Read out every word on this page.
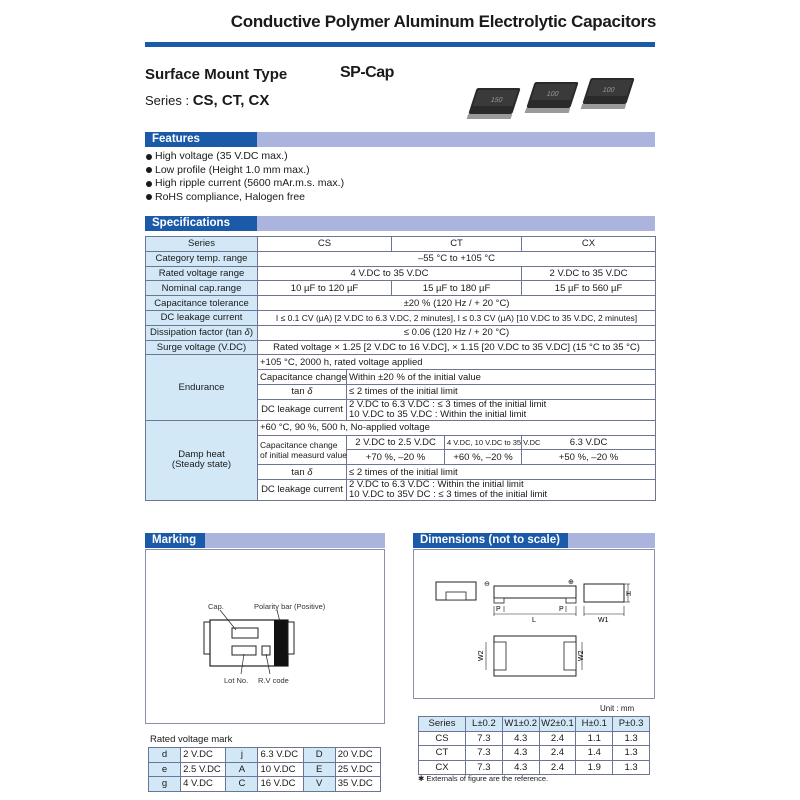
Conductive Polymer Aluminum Electrolytic Capacitors
Surface Mount Type	SP-Cap
Series : CS, CT, CX	150
100
100
Features
High voltage (35 V.DC max.)
Low profile (Height 1.0 mm max.)
High ripple current (5600 mAr.m.s. max.)
RoHS compliance, Halogen free
Specifications
Series	CS		CT		CX
Category temp. range	–55 °C to +105 °C				
Rated voltage range	4 V.DC to 35 V.DC				2 V.DC to 35 V.DC
Nominal cap.range	10 µF to 120 µF		15 µF to 180 µF		15 µF to 560 µF
Capacitance tolerance	±20 % (120 Hz / + 20 °C)				
DC leakage current	I ≤ 0.1 CV (µA) [2 V.DC to 6.3 V.DC, 2 minutes], I ≤ 0.3 CV (µA) [10 V.DC to 35 V.DC, 2 minutes]				
Dissipation factor (tan δ)	≤ 0.06 (120 Hz / + 20 °C)				
Surge voltage (V.DC)	Rated voltage × 1.25 [2 V.DC to 16 V.DC], × 1.15 [20 V.DC to 35 V.DC] (15 °C to 35 °C)				
Endurance	+105 °C, 2000 h, rated voltage applied				
	Capacitance change	Within ±20 % of the initial value			
	tan δ	≤ 2 times of the initial limit			
	DC leakage current	2 V.DC to 6.3 V.DC : ≤ 3 times of the initial limit			
		10 V.DC to 35 V.DC : Within the initial limit			

Damp heat
(Steady state)	+60 °C, 90 %, 500 h, No-applied voltage				

	Capacitance change
of initial measurd value	2 V.DC to 2.5 V.DC		4 V.DC, 10 V.DC to 35 V.DC	6.3 V.DC
		+70 %, –20 %		+60 %, –20 %	+50 %, –20 %
	tan δ	≤ 2 times of the initial limit			
	DC leakage current	2 V.DC to 6.3 V.DC : Within the initial limit			
		10 V.DC to 35V DC : ≤ 3 times of the initial limit			
Marking
Cap.	Polarity bar (Positive)
Lot No. R.V code
Rated voltage mark
d	2 V.DC	j	6.3 V.DC	D	20 V.DC
e	2.5 V.DC	A	10 V.DC	E	25 V.DC
g	4 V.DC	C	16 V.DC	V	35 V.DC
Dimensions (not to scale)
⊖	⊕
P	P
L
H
W1
W2	W2
Unit : mm
Series	L±0.2	W1±0.2	W2±0.1	H±0.1	P±0.3
CS	7.3	4.3	2.4	1.1	1.3
CT	7.3	4.3	2.4	1.4	1.3
CX	7.3	4.3	2.4	1.9	1.3
✱ Externals of figure are the reference.
